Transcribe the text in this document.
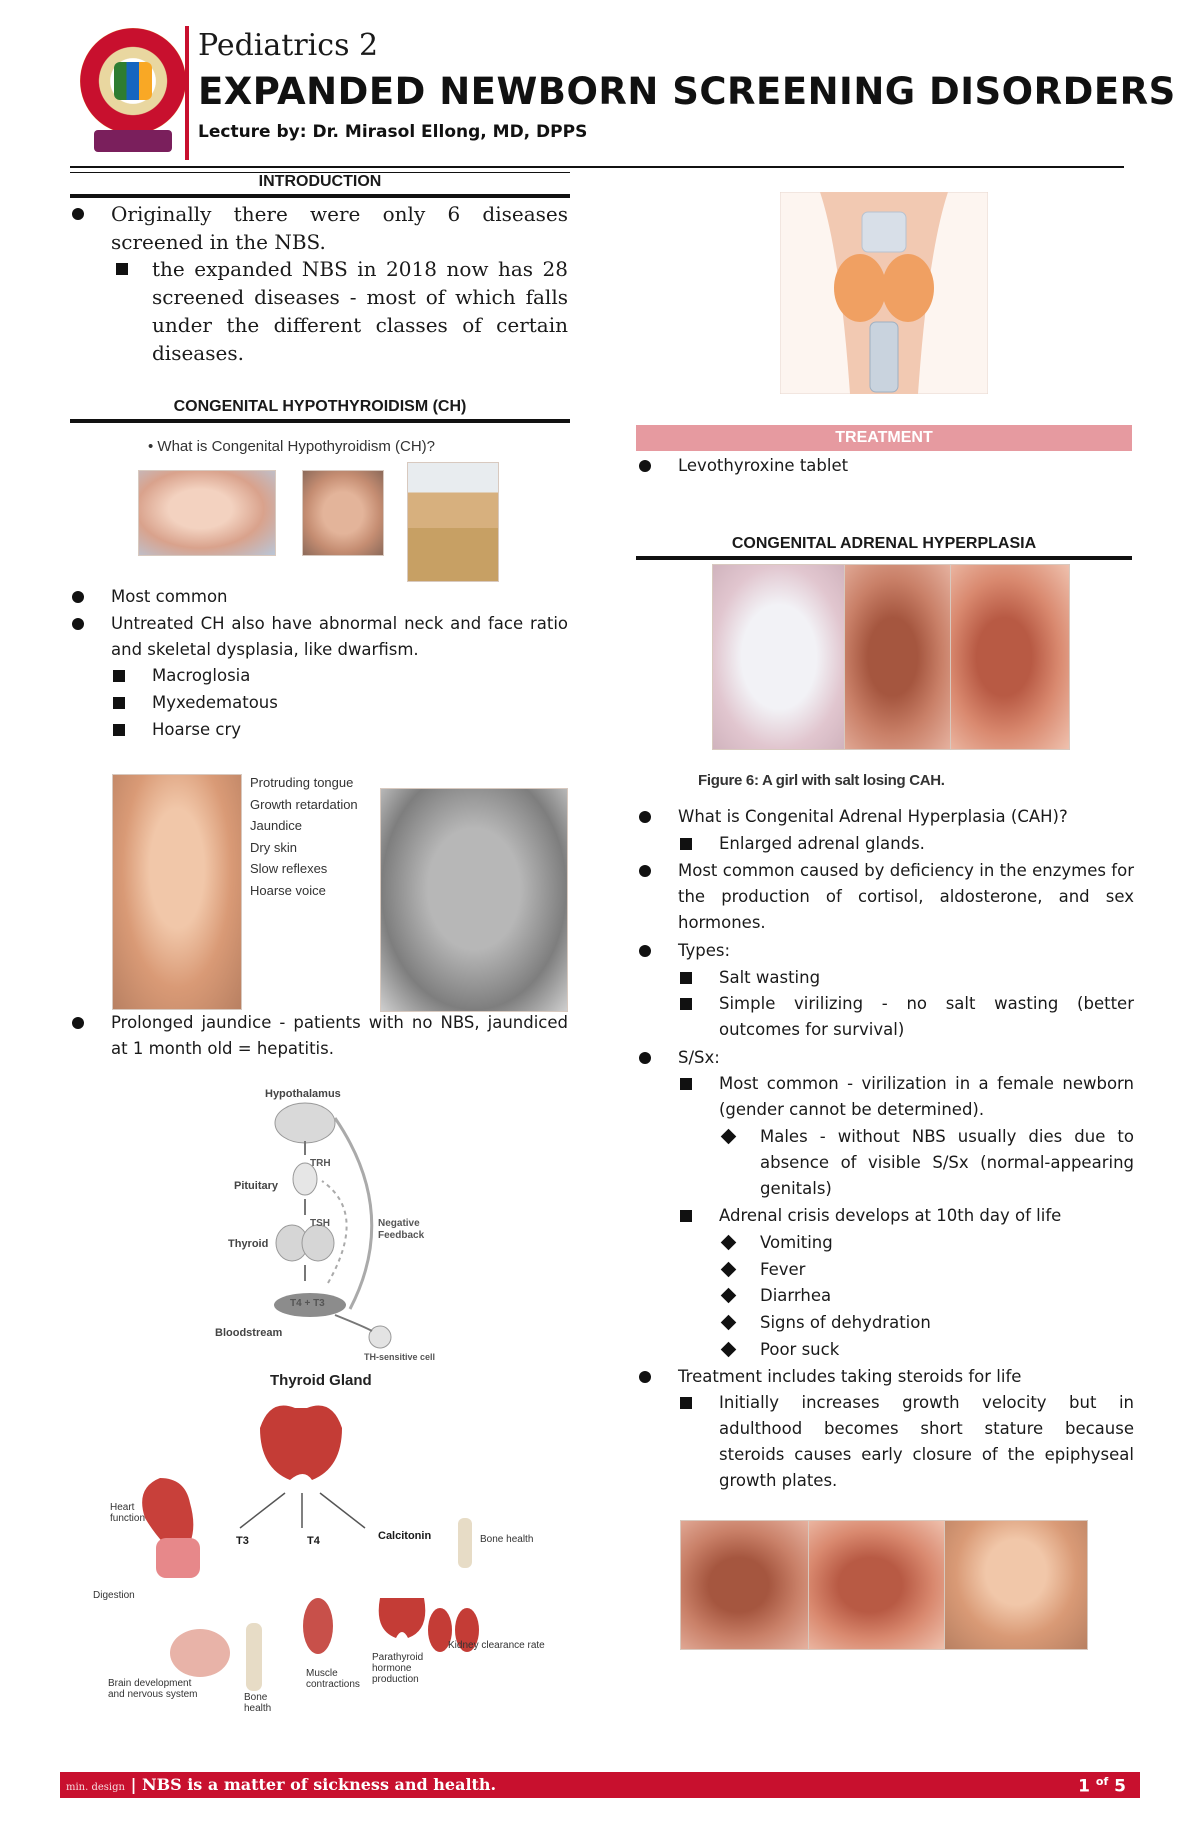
Pediatrics 2
EXPANDED NEWBORN SCREENING DISORDERS
Lecture by: Dr. Mirasol Ellong, MD, DPPS
INTRODUCTION
Originally there were only 6 diseases screened in the NBS.
the expanded NBS in 2018 now has 28 screened diseases - most of which falls under the different classes of certain diseases.
CONGENITAL HYPOTHYROIDISM (CH)
• What is Congenital Hypothyroidism (CH)?
Most common
Untreated CH also have abnormal neck and face ratio and skeletal dysplasia, like dwarfism.
Macroglosia
Myxedematous
Hoarse cry
Protruding tongue
Growth retardation
Jaundice
Dry skin
Slow reflexes
Hoarse voice
Prolonged jaundice - patients with no NBS, jaundiced at 1 month old = hepatitis.
Hypothalamus
TRH
Pituitary
TSH	Negative
Feedback
Thyroid
T4 + T3
Bloodstream
TH-sensitive cell
Thyroid Gland
T3	T4	Calcitonin
Heart function
Digestion
Brain development and nervous system	Bone health
Muscle contractions
Parathyroid hormone production
Bone health
Kidney clearance rate
TREATMENT
Levothyroxine tablet
CONGENITAL ADRENAL HYPERPLASIA
Figure 6: A girl with salt losing CAH.
What is Congenital Adrenal Hyperplasia (CAH)?
Enlarged adrenal glands.
Most common caused by deficiency in the enzymes for the production of cortisol, aldosterone, and sex hormones.
Types:
Salt wasting
Simple virilizing - no salt wasting (better outcomes for survival)
S/Sx:
Most common - virilization in a female newborn (gender cannot be determined).
Males - without NBS usually dies due to absence of visible S/Sx (normal-appearing genitals)
Adrenal crisis develops at 10th day of life
Vomiting
Fever
Diarrhea
Signs of dehydration
Poor suck
Treatment includes taking steroids for life
Initially increases growth velocity but in adulthood becomes short stature because steroids causes early closure of the epiphyseal growth plates.
min. design | NBS is a matter of sickness and health.	1 $^{of}$ 5
